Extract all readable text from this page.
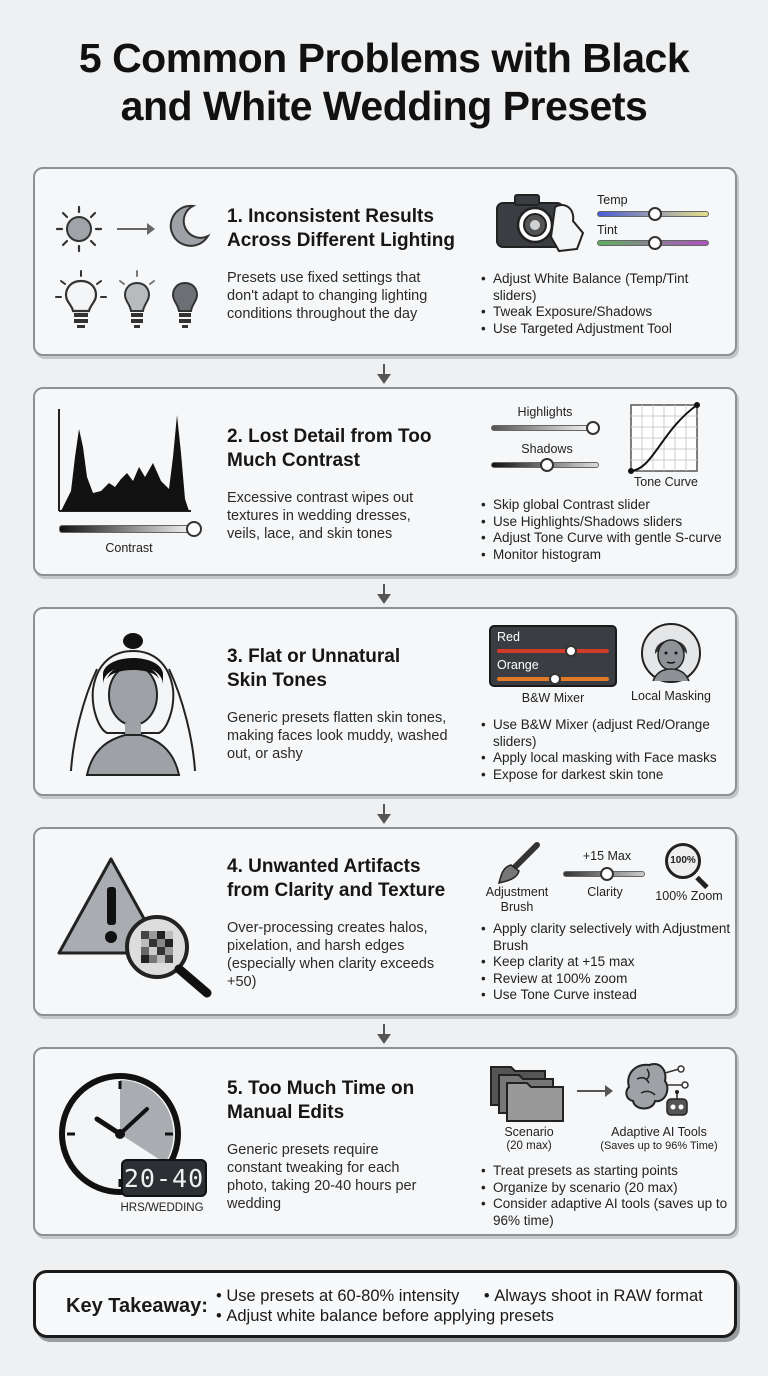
5 Common Problems with Black
and White Wedding Presets
1. Inconsistent Results
Across Different Lighting
Presets use fixed settings that don't adapt to changing lighting conditions throughout the day
Temp
Tint
• Adjust White Balance (Temp/Tint sliders)
• Tweak Exposure/Shadows
• Use Targeted Adjustment Tool
Contrast
2. Lost Detail from Too
Much Contrast
Excessive contrast wipes out textures in wedding dresses, veils, lace, and skin tones
Highlights
Shadows
Tone Curve
• Skip global Contrast slider
• Use Highlights/Shadows sliders
• Adjust Tone Curve with gentle S-curve
• Monitor histogram
3. Flat or Unnatural
Skin Tones
Generic presets flatten skin tones, making faces look muddy, washed out, or ashy
Red
Orange
B&W Mixer	Local Masking
• Use B&W Mixer (adjust Red/Orange sliders)
• Apply local masking with Face masks
• Expose for darkest skin tone
4. Unwanted Artifacts
from Clarity and Texture
Over-processing creates halos, pixelation, and harsh edges (especially when clarity exceeds +50)
Adjustment Brush
+15 Max
Clarity
100%
100% Zoom
• Apply clarity selectively with Adjustment Brush
• Keep clarity at +15 max
• Review at 100% zoom
• Use Tone Curve instead
20-40
HRS/WEDDING
5. Too Much Time on
Manual Edits
Generic presets require constant tweaking for each photo, taking 20-40 hours per wedding
Scenario
(20 max)
Adaptive AI Tools
(Saves up to 96% Time)
• Treat presets as starting points
• Organize by scenario (20 max)
• Consider adaptive AI tools (saves up to 96% time)
Key Takeaway: • Use presets at 60-80% intensity • Always shoot in RAW format • Adjust white balance before applying presets
